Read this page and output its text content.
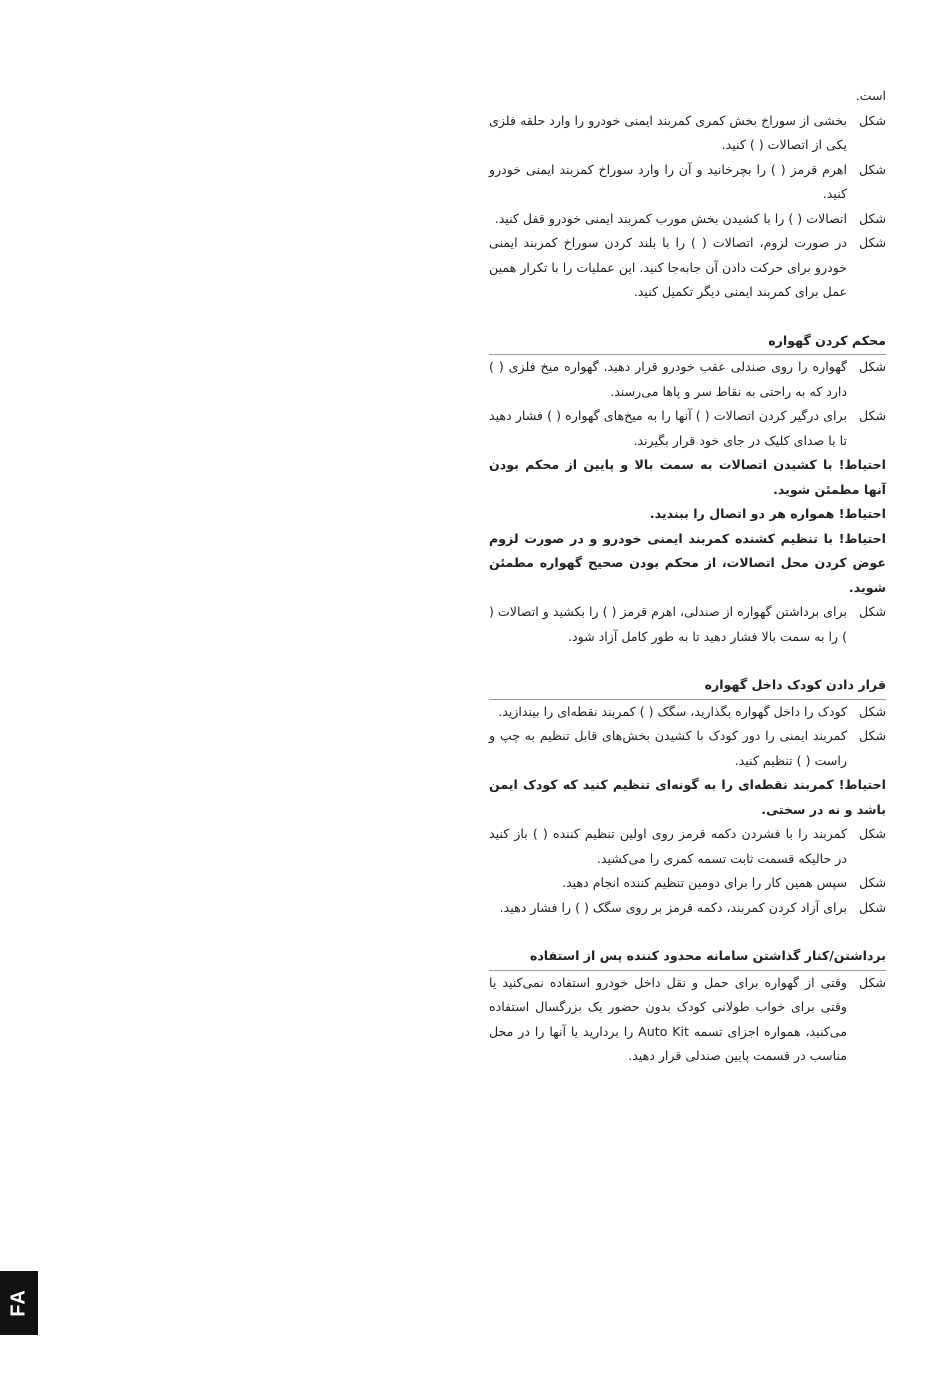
است.

شکل
بخشی از سوراخ بخش کمری کمربند ایمنی خودرو را وارد حلقه فلزی یکی از اتصالات ( ) کنید.
شکل
اهرم قرمز ( ) را بچرخانید و آن را وارد سوراخ کمربند ایمنی خودرو کنید.
شکل
اتصالات ( ) را با کشیدن بخش مورب کمربند ایمنی خودرو قفل کنید.
شکل
در صورت لزوم، اتصالات ( ) را با بلند کردن سوراخ کمربند ایمنی خودرو برای حرکت دادن آن جابه‌جا کنید. این عملیات را با تکرار همین عمل برای کمربند ایمنی دیگر تکمیل کنید.
محکم کردن گهواره
شکل
گهواره را روی صندلی عقب خودرو قرار دهید. گهواره میخ فلزی ( ) دارد که به راحتی به نقاط سر و پاها می‌رسند.
شکل
برای درگیر کردن اتصالات ( ) آنها را به میخ‌های گهواره ( ) فشار دهید تا با صدای کلیک در جای خود قرار بگیرند.

احتیاط! با کشیدن اتصالات به سمت بالا و پایین از محکم بودن آنها مطمئن شوید.

احتیاط! همواره هر دو اتصال را ببندید.

احتیاط! با تنظیم کشنده کمربند ایمنی خودرو و در صورت لزوم عوض کردن محل اتصالات، از محکم بودن صحیح گهواره مطمئن شوید.

شکل
برای برداشتن گهواره از صندلی، اهرم قرمز ( ) را بکشید و اتصالات ( ) را به سمت بالا فشار دهید تا به طور کامل آزاد شود.
قرار دادن کودک داخل گهواره
شکل
کودک را داخل گهواره بگذارید، سگک ( ) کمربند نقطه‌ای را بیندازید.
شکل
کمربند ایمنی را دور کودک با کشیدن بخش‌های قابل تنظیم به چپ و راست ( ) تنظیم کنید.

احتیاط! کمربند نقطه‌ای را به گونه‌ای تنظیم کنید که کودک ایمن باشد و نه در سختی.

شکل
کمربند را با فشردن دکمه قرمز روی اولین تنظیم کننده ( ) باز کنید در حالیکه قسمت ثابت تسمه کمری را می‌کشید.
شکل
سپس همین کار را برای دومین تنظیم کننده انجام دهید.
شکل
برای آزاد کردن کمربند، دکمه قرمز بر روی سگک ( ) را فشار دهید.
برداشتن/کنار گذاشتن سامانه محدود کننده پس از استفاده
شکل
وقتی از گهواره برای حمل و نقل داخل خودرو استفاده نمی‌کنید یا وقتی برای خواب طولانی کودک بدون حضور یک بزرگسال استفاده می‌کنید، همواره اجزای تسمه Auto Kit را بردارید یا آنها را در محل مناسب در قسمت پایین صندلی قرار دهید.
FA
